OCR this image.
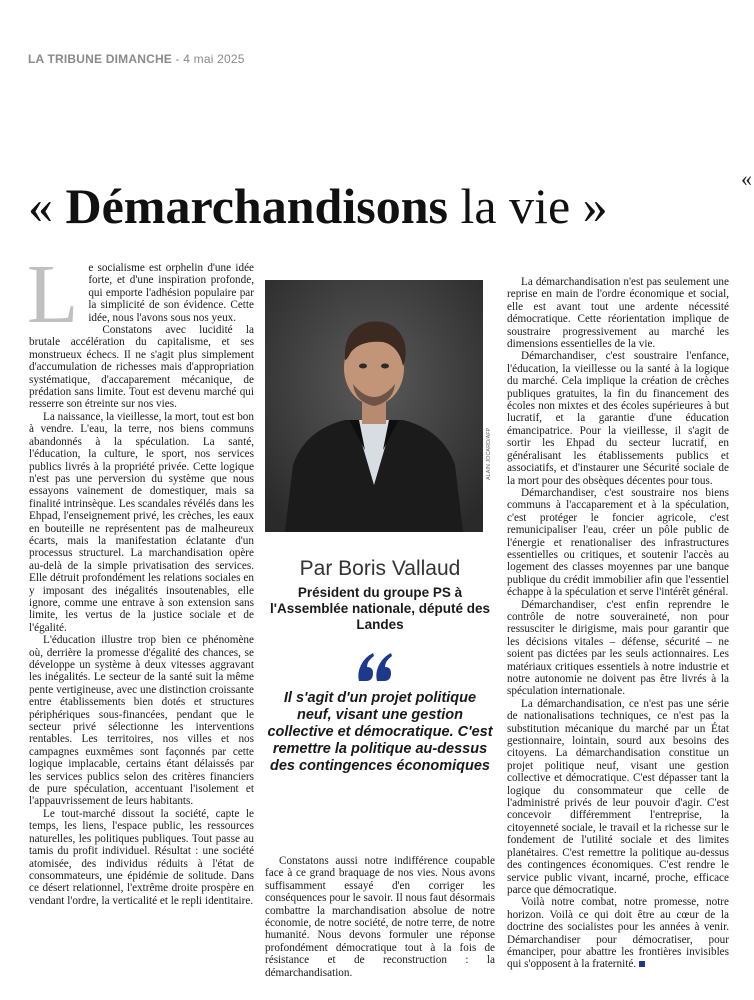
LA TRIBUNE DIMANCHE - 4 mai 2025
« Démarchandisons la vie »	«

Le socialisme est orphelin d'une idée forte, et d'une inspiration profonde, qui emporte l'adhésion populaire par la simplicité de son évidence. Cette idée, nous l'avons sous nos yeux.

Constatons avec lucidité la brutale accélération du capitalisme, et ses monstrueux échecs. Il ne s'agit plus simplement d'accumulation de richesses mais d'appropriation systématique, d'accaparement mécanique, de prédation sans limite. Tout est devenu marché qui resserre son étreinte sur nos vies.

La naissance, la vieillesse, la mort, tout est bon à vendre. L'eau, la terre, nos biens communs abandonnés à la spéculation. La santé, l'éducation, la culture, le sport, nos services publics livrés à la propriété privée. Cette logique n'est pas une perversion du système que nous essayons vainement de domestiquer, mais sa finalité intrinsèque. Les scandales révélés dans les Ehpad, l'enseignement privé, les crèches, les eaux en bouteille ne représentent pas de malheureux écarts, mais la manifestation éclatante d'un processus structurel. La marchandisation opère au-delà de la simple privatisation des services. Elle détruit profondément les relations sociales en y imposant des inégalités insoutenables, elle ignore, comme une entrave à son extension sans limite, les vertus de la justice sociale et de l'égalité.

L'éducation illustre trop bien ce phénomène où, derrière la promesse d'égalité des chances, se développe un système à deux vitesses aggravant les inégalités. Le secteur de la santé suit la même pente vertigineuse, avec une distinction croissante entre établissements bien dotés et structures périphériques sous-financées, pendant que le secteur privé sélectionne les interventions rentables. Les territoires, nos villes et nos campagnes euxmêmes sont façonnés par cette logique implacable, certains étant délaissés par les services publics selon des critères financiers de pure spéculation, accentuant l'isolement et l'appauvrissement de leurs habitants.

Le tout-marché dissout la société, capte le temps, les liens, l'espace public, les ressources naturelles, les politiques publiques. Tout passe au tamis du profit individuel. Résultat : une société atomisée, des individus réduits à l'état de consommateurs, une épidémie de solitude. Dans ce désert relationnel, l'extrême droite prospère en vendant l'ordre, la verticalité et le repli identitaire.

ALAIN JOCARD/AFP
Par Boris Vallaud
Président du groupe PS à l'Assemblée nationale, député des Landes
Il s'agit d'un projet politique neuf, visant une gestion collective et démocratique. C'est remettre la politique au-dessus des contingences économiques

Constatons aussi notre indifférence coupable face à ce grand braquage de nos vies. Nous avons suffisamment essayé d'en corriger les conséquences pour le savoir. Il nous faut désormais combattre la marchandisation absolue de notre économie, de notre société, de notre terre, de notre humanité. Nous devons formuler une réponse profondément démocratique tout à la fois de résistance et de reconstruction : la démarchandisation.

La démarchandisation n'est pas seulement une reprise en main de l'ordre économique et social, elle est avant tout une ardente nécessité démocratique. Cette réorientation implique de soustraire progressivement au marché les dimensions essentielles de la vie.

Démarchandiser, c'est soustraire l'enfance, l'éducation, la vieillesse ou la santé à la logique du marché. Cela implique la création de crèches publiques gratuites, la fin du financement des écoles non mixtes et des écoles supérieures à but lucratif, et la garantie d'une éducation émancipatrice. Pour la vieillesse, il s'agit de sortir les Ehpad du secteur lucratif, en généralisant les établissements publics et associatifs, et d'instaurer une Sécurité sociale de la mort pour des obsèques décentes pour tous.

Démarchandiser, c'est soustraire nos biens communs à l'accaparement et à la spéculation, c'est protéger le foncier agricole, c'est remunicipaliser l'eau, créer un pôle public de l'énergie et renationaliser des infrastructures essentielles ou critiques, et soutenir l'accès au logement des classes moyennes par une banque publique du crédit immobilier afin que l'essentiel échappe à la spéculation et serve l'intérêt général.

Démarchandiser, c'est enfin reprendre le contrôle de notre souveraineté, non pour ressusciter le dirigisme, mais pour garantir que les décisions vitales – défense, sécurité – ne soient pas dictées par les seuls actionnaires. Les matériaux critiques essentiels à notre industrie et notre autonomie ne doivent pas être livrés à la spéculation internationale.

La démarchandisation, ce n'est pas une série de nationalisations techniques, ce n'est pas la substitution mécanique du marché par un État gestionnaire, lointain, sourd aux besoins des citoyens. La démarchandisation constitue un projet politique neuf, visant une gestion collective et démocratique. C'est dépasser tant la logique du consommateur que celle de l'administré privés de leur pouvoir d'agir. C'est concevoir différemment l'entreprise, la citoyenneté sociale, le travail et la richesse sur le fondement de l'utilité sociale et des limites planétaires. C'est remettre la politique au-dessus des contingences économiques. C'est rendre le service public vivant, incarné, proche, efficace parce que démocratique.

Voilà notre combat, notre promesse, notre horizon. Voilà ce qui doit être au cœur de la doctrine des socialistes pour les années à venir. Démarchandiser pour démocratiser, pour émanciper, pour abattre les frontières invisibles qui s'opposent à la fraternité.
